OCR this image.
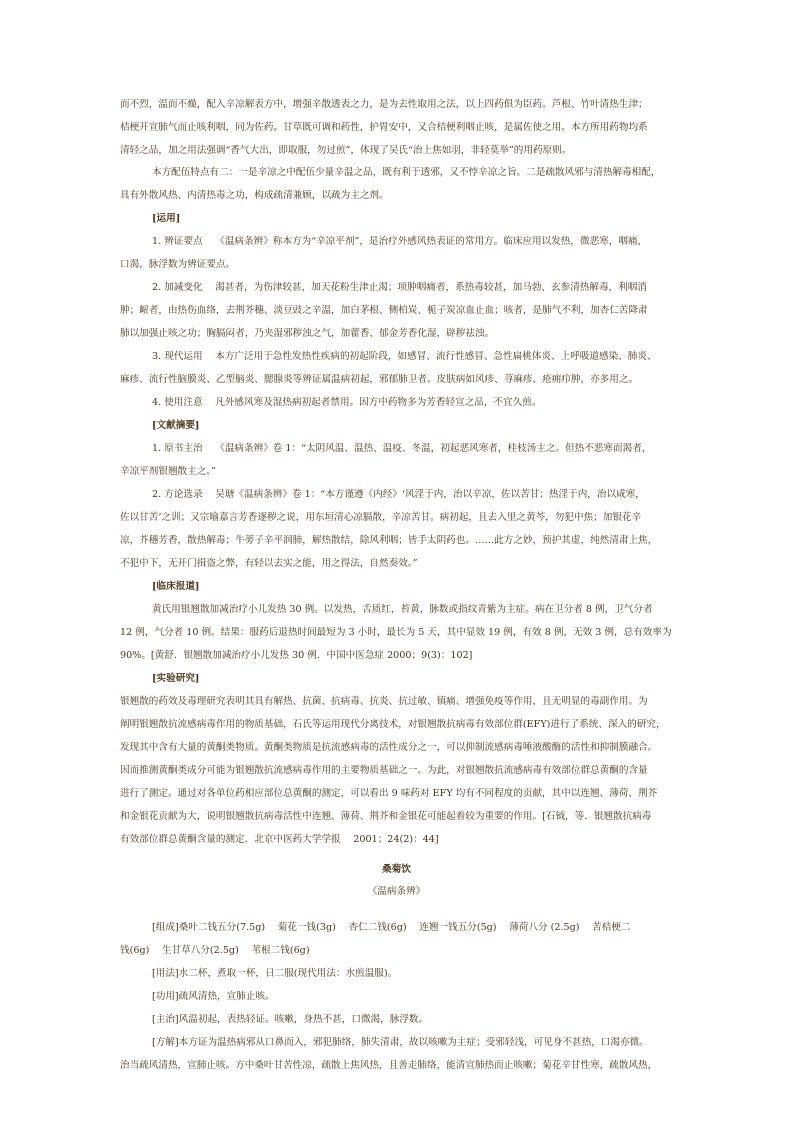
而不烈，温而不燥，配入辛凉解表方中，增强辛散透表之力，是为去性取用之法，以上四药俱为臣药。芦根、竹叶清热生津；
桔梗开宣肺气而止咳利咽，同为佐药。甘草既可调和药性，护胃安中，又合桔梗利咽止咳，是属佐使之用。本方所用药物均系
清轻之品，加之用法强调“香气大出，即取服，勿过煎”，体现了吴氏“治上焦如羽，非轻莫举”的用药原则。
本方配伍特点有二：一是辛凉之中配伍少量辛温之品，既有利于透邪，又不悖辛凉之旨。二是疏散风邪与清热解毒相配，
具有外散风热、内清热毒之功，构成疏清兼顾，以疏为主之剂。
[运用]
1. 辨证要点　 《温病条辨》称本方为“辛凉平剂”，是治疗外感风热表证的常用方。临床应用以发热，微恶寒，咽痛，
口渴，脉浮数为辨证要点。
2. 加减变化　 渴甚者，为伤津较甚，加天花粉生津止渴；项肿咽痛者，系热毒较甚，加马勃、玄参清热解毒，利咽消
肿；衄者，由热伤血络，去荆芥穗、淡豆豉之辛温，加白茅根、侧柏炭、栀子炭凉血止血；咳者，是肺气不利，加杏仁苦降肃
肺以加强止咳之功；胸膈闷者，乃夹湿邪秽浊之气，加藿香、郁金芳香化湿，辟秽祛浊。
3. 现代运用　 本方广泛用于急性发热性疾病的初起阶段，如感冒、流行性感冒、急性扁桃体炎、上呼吸道感染、肺炎、
麻疹、流行性脑膜炎、乙型脑炎、腮腺炎等辨证属温病初起，邪郁肺卫者。皮肤病如风疹、荨麻疹、疮痈疖肿，亦多用之。
4. 使用注意　 凡外感风寒及湿热病初起者禁用。因方中药物多为芳香轻宣之品，不宜久煎。
[文献摘要]
1. 原书主治　 《温病条辨》卷 1：“太阴风温、温热、温疫、冬温，初起恶风寒者，桂枝汤主之。但热不恶寒而渴者，
辛凉平剂银翘散主之。”
2. 方论选录　 吴瑭《温病条辨》卷 1：“本方谨遵《内经》‘风淫于内，治以辛凉，佐以苦甘；热淫于内，治以咸寒，
佐以甘苦’之训；又宗喻嘉言芳香逐秽之说，用东垣清心凉膈散，辛凉苦甘。病初起，且去入里之黄芩，勿犯中焦；加银花辛
凉，芥穗芳香，散热解毒；牛蒡子辛平润肺，解热散结，除风利咽；皆手太阴药也。……此方之妙，预护其虚，纯然清肃上焦，
不犯中下，无开门揖盗之弊，有轻以去实之能，用之得法，自然奏效。”
[临床报道]
黄氏用银翘散加减治疗小儿发热 30 例。以发热，舌质红，苔黄，脉数或指纹青紫为主症。病在卫分者 8 例，卫气分者
12 例，气分者 10 例。结果：服药后退热时间最短为 3 小时，最长为 5 天，其中显效 19 例，有效 8 例，无效 3 例，总有效率为
90%。[黄舒．银翘散加减治疗小儿发热 30 例．中国中医急症 2000；9(3)：102]
[实验研究]
银翘散的药效及毒理研究表明其具有解热、抗菌、抗病毒、抗炎、抗过敏、镇痛、增强免疫等作用，且无明显的毒副作用。为
阐明银翘散抗流感病毒作用的物质基础，石氏等运用现代分离技术，对银翘散抗病毒有效部位群(EFY)进行了系统、深入的研究，
发现其中含有大量的黄酮类物质。黄酮类物质是抗流感病毒的活性成分之一，可以抑制流感病毒唾液酸酶的活性和抑制膜融合。
因而推测黄酮类成分可能为银翘散抗流感病毒作用的主要物质基础之一。为此，对银翘散抗流感病毒有效部位群总黄酮的含量
进行了测定。通过对各单位药相应部位总黄酮的测定，可以看出 9 味药对 EFY 均有不同程度的贡献，其中以连翘、薄荷、荆芥
和金银花贡献为大，说明银翘散抗病毒活性中连翘、薄荷、荆芥和金银花可能起着较为重要的作用。[石钺，等．银翘散抗病毒
有效部位群总黄酮含量的测定．北京中医药大学学报　 2001；24(2)：44]
桑菊饮
《温病条辨》
[组成]桑叶二钱五分(7.5g)　 菊花一钱(3g)　 杏仁二钱(6g)　 连翘一钱五分(5g)　 薄荷八分 (2.5g)　 苦桔梗二
钱(6g)　 生甘草八分(2.5g)　 苇根二钱(6g)
[用法]水二杯，煮取一杯，日二服(现代用法：水煎温服)。
[功用]疏风清热，宣肺止咳。
[主治]风温初起，表热轻证。咳嗽，身热不甚，口微渴，脉浮数。
[方解]本方证为温热病邪从口鼻而入，邪犯肺络，肺失清肃，故以咳嗽为主症；受邪轻浅，可见身不甚热，口渴亦微。
治当疏风清热，宣肺止咳。方中桑叶甘苦性凉，疏散上焦风热，且善走肺络，能清宣肺热而止咳嗽；菊花辛甘性寒，疏散风热，
